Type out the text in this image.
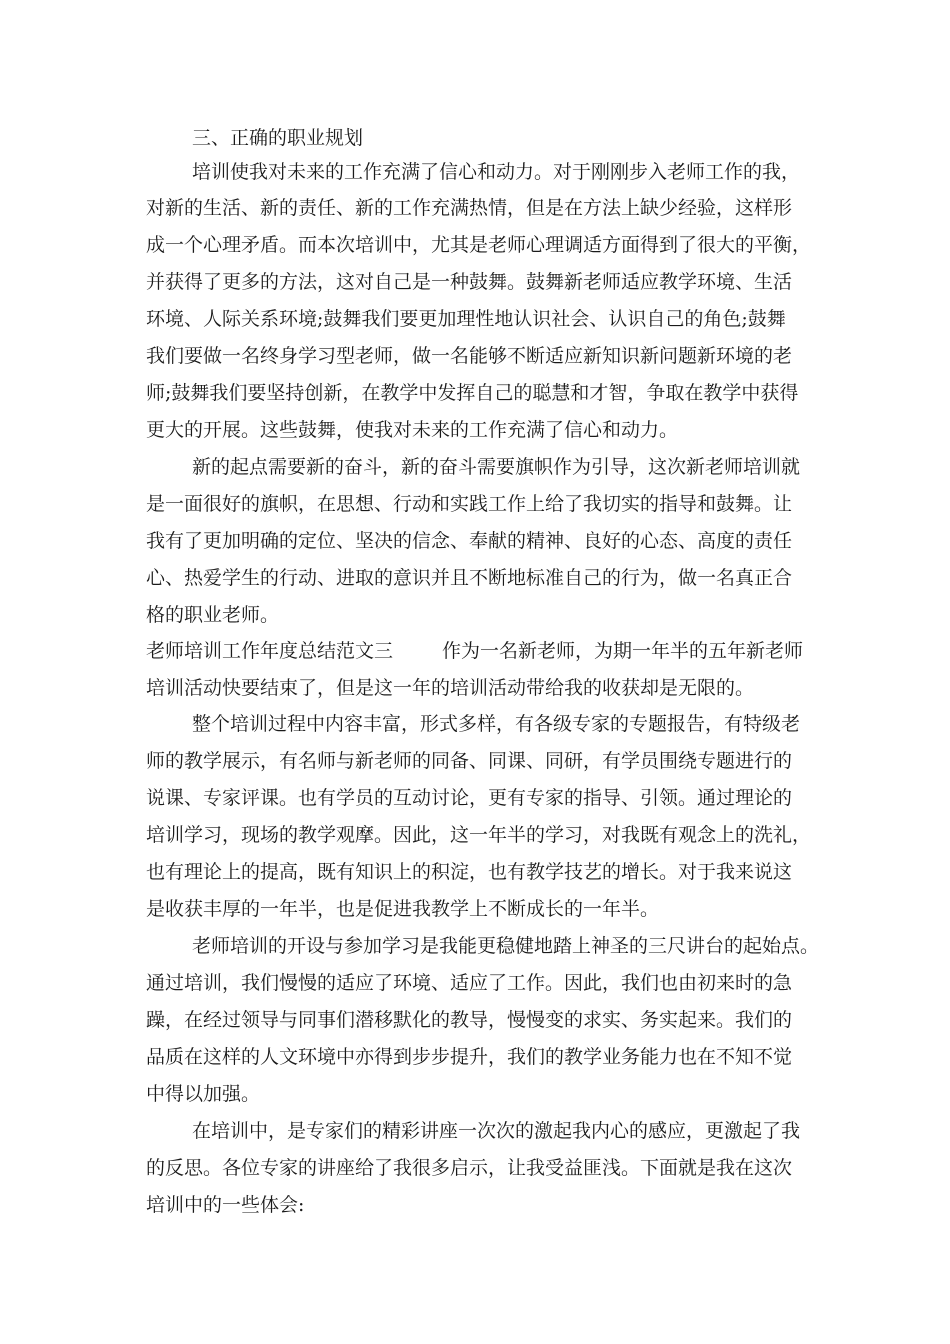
三、正确的职业规划
培训使我对未来的工作充满了信心和动力。对于刚刚步入老师工作的我，
对新的生活、新的责任、新的工作充满热情，但是在方法上缺少经验，这样形
成一个心理矛盾。而本次培训中，尤其是老师心理调适方面得到了很大的平衡，
并获得了更多的方法，这对自己是一种鼓舞。鼓舞新老师适应教学环境、生活
环境、人际关系环境;鼓舞我们要更加理性地认识社会、认识自己的角色;鼓舞
我们要做一名终身学习型老师，做一名能够不断适应新知识新问题新环境的老
师;鼓舞我们要坚持创新，在教学中发挥自己的聪慧和才智，争取在教学中获得
更大的开展。这些鼓舞，使我对未来的工作充满了信心和动力。
新的起点需要新的奋斗，新的奋斗需要旗帜作为引导，这次新老师培训就
是一面很好的旗帜，在思想、行动和实践工作上给了我切实的指导和鼓舞。让
我有了更加明确的定位、坚决的信念、奉献的精神、良好的心态、高度的责任
心、热爱学生的行动、进取的意识并且不断地标准自己的行为，做一名真正合
格的职业老师。
老师培训工作年度总结范文三	作为一名新老师，为期一年半的五年新老师
培训活动快要结束了，但是这一年的培训活动带给我的收获却是无限的。
整个培训过程中内容丰富，形式多样，有各级专家的专题报告，有特级老
师的教学展示，有名师与新老师的同备、同课、同研，有学员围绕专题进行的
说课、专家评课。也有学员的互动讨论，更有专家的指导、引领。通过理论的
培训学习，现场的教学观摩。因此，这一年半的学习，对我既有观念上的洗礼，
也有理论上的提高，既有知识上的积淀，也有教学技艺的增长。对于我来说这
是收获丰厚的一年半，也是促进我教学上不断成长的一年半。
老师培训的开设与参加学习是我能更稳健地踏上神圣的三尺讲台的起始点。
通过培训，我们慢慢的适应了环境、适应了工作。因此，我们也由初来时的急
躁，在经过领导与同事们潜移默化的教导，慢慢变的求实、务实起来。我们的
品质在这样的人文环境中亦得到步步提升，我们的教学业务能力也在不知不觉
中得以加强。
在培训中，是专家们的精彩讲座一次次的激起我内心的感应，更激起了我
的反思。各位专家的讲座给了我很多启示，让我受益匪浅。下面就是我在这次
培训中的一些体会:
